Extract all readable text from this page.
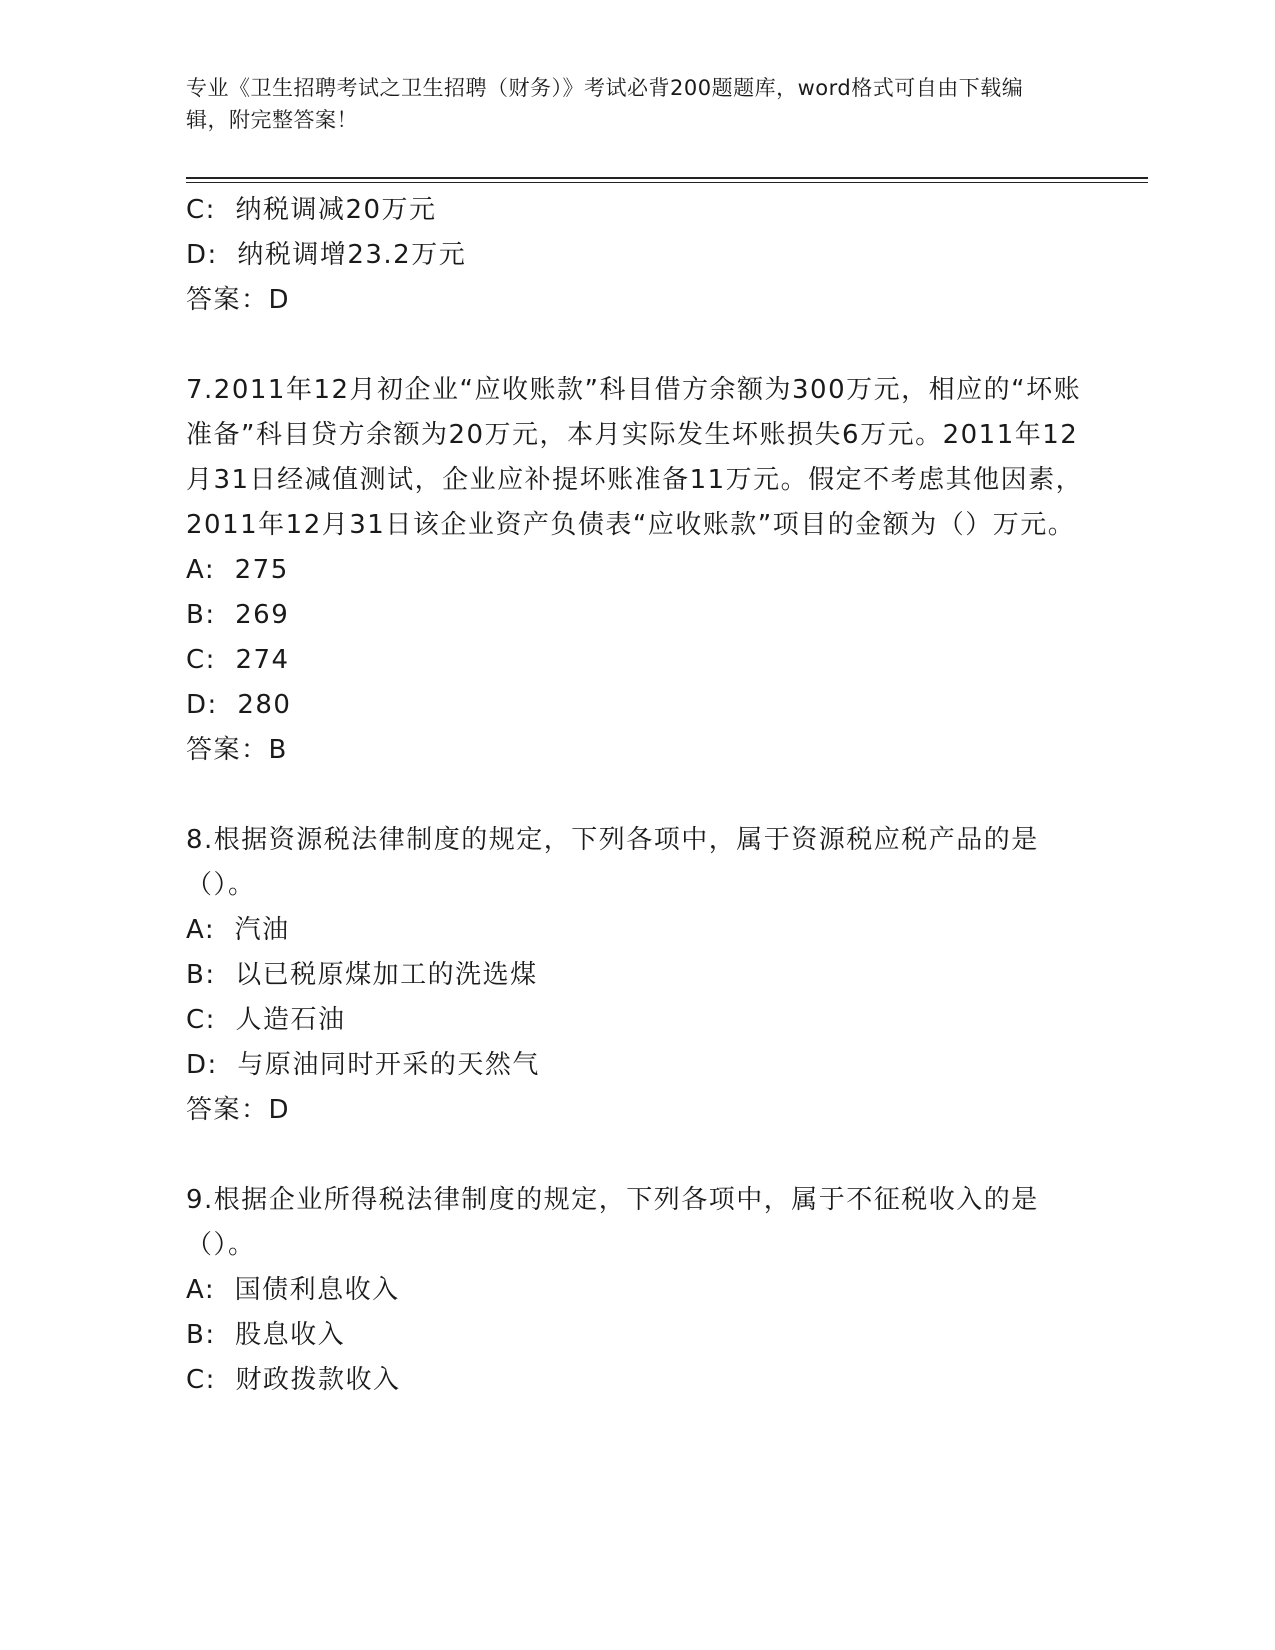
专业《卫生招聘考试之卫生招聘（财务）》考试必背200题题库，word格式可自由下载编辑，附完整答案！
C: 纳税调减20万元
D: 纳税调增23.2万元
答案：D
7.2011年12月初企业“应收账款”科目借方余额为300万元，相应的“坏账准备”科目贷方余额为20万元，本月实际发生坏账损失6万元。2011年12月31日经减值测试，企业应补提坏账准备11万元。假定不考虑其他因素，2011年12月31日该企业资产负债表“应收账款”项目的金额为（）万元。
A: 275
B: 269
C: 274
D: 280
答案：B
8.根据资源税法律制度的规定，下列各项中，属于资源税应税产品的是（）。
A: 汽油
B: 以已税原煤加工的洗选煤
C: 人造石油
D: 与原油同时开采的天然气
答案：D
9.根据企业所得税法律制度的规定，下列各项中，属于不征税收入的是（）。
A: 国债利息收入
B: 股息收入
C: 财政拨款收入
